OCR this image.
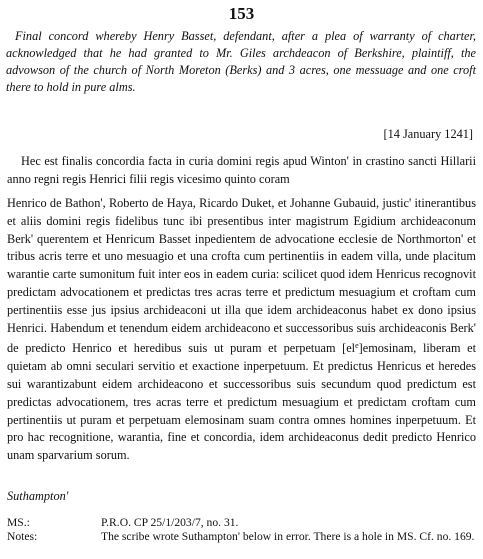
153

Final concord whereby Henry Basset, defendant, after a plea of warranty of charter, acknowledged that he had granted to Mr. Giles archdeacon of Berkshire, plaintiff, the advowson of the church of North Moreton (Berks) and 3 acres, one messuage and one croft there to hold in pure alms.

[14 January 1241]

Hec est finalis concordia facta in curia domini regis apud Winton' in crastino sancti Hillarii anno regni regis Henrici filii regis vicesimo quinto coram

Henrico de Bathon', Roberto de Haya, Ricardo Duket, et Johanne Gubauid, justic' itinerantibus et aliis domini regis fidelibus tunc ibi presentibus inter magistrum Egidium archideaconum Berk' querentem et Henricum Basset inpedientem de advocatione ecclesie de Northmorton' et tribus acris terre et uno mesuagio et una crofta cum pertinentiis in eadem villa, unde placitum warantie carte sumonitum fuit inter eos in eadem curia: scilicet quod idem Henricus recognovit predictam advocationem et predictas tres acras terre et predictum mesuagium et croftam cum pertinentiis esse jus ipsius archideaconi ut illa que idem archideaconus habet ex dono ipsius Henrici. Habendum et tenendum eidem archideacono et successoribus suis archideaconis Berk' de predicto Henrico et heredibus suis ut puram et perpetuam $[el^e]emosinam$, liberam et quietam ab omni seculari servitio et exactione inperpetuum. Et predictus Henricus et heredes sui warantizabunt eidem archideacono et successoribus suis secundum quod predictum est predictas advocationem, tres acras terre et predictum mesuagium et predictam croftam cum pertinentiis ut puram et perpetuam elemosinam suam contra omnes homines inperpetuum. Et pro hac recognitione, warantia, fine et concordia, idem archideaconus dedit predicto Henrico unam sparvarium sorum.

Suthampton'
MS.:	P.R.O. CP 25/1/203/7, no. 31.
Notes:	The scribe wrote Suthampton' below in error. There is a hole in MS. Cf. no. 169.
